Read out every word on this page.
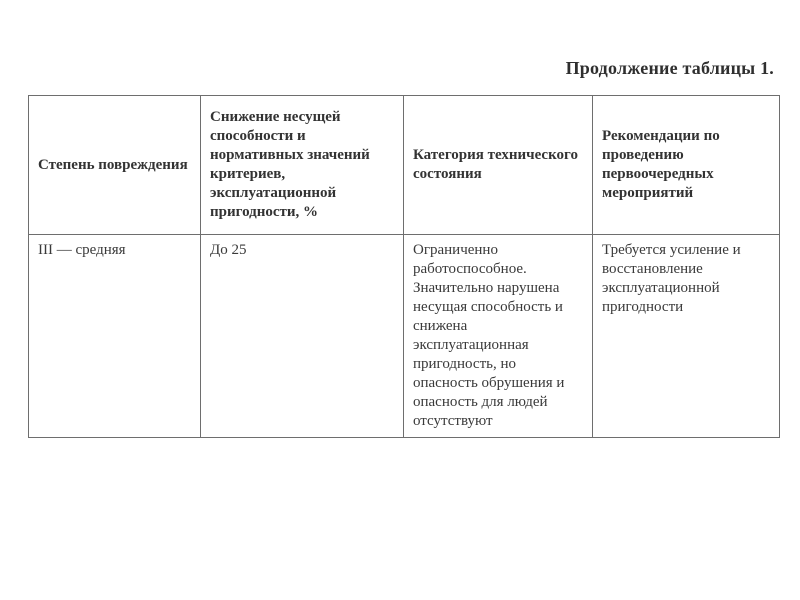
Продолжение таблицы 1.
Степень повреждения	Снижение несущей способности и нормативных значений критериев, эксплуатационной пригодности, %	Категория технического состояния	Рекомендации по проведению первоочередных мероприятий

III — средняя	До 25	Ограниченно работоспособное. Значительно нарушена несущая способность и снижена эксплуатационная пригодность, но опасность обрушения и опасность для людей отсутствуют	Требуется усиление и восстановление эксплуатационной пригодности
